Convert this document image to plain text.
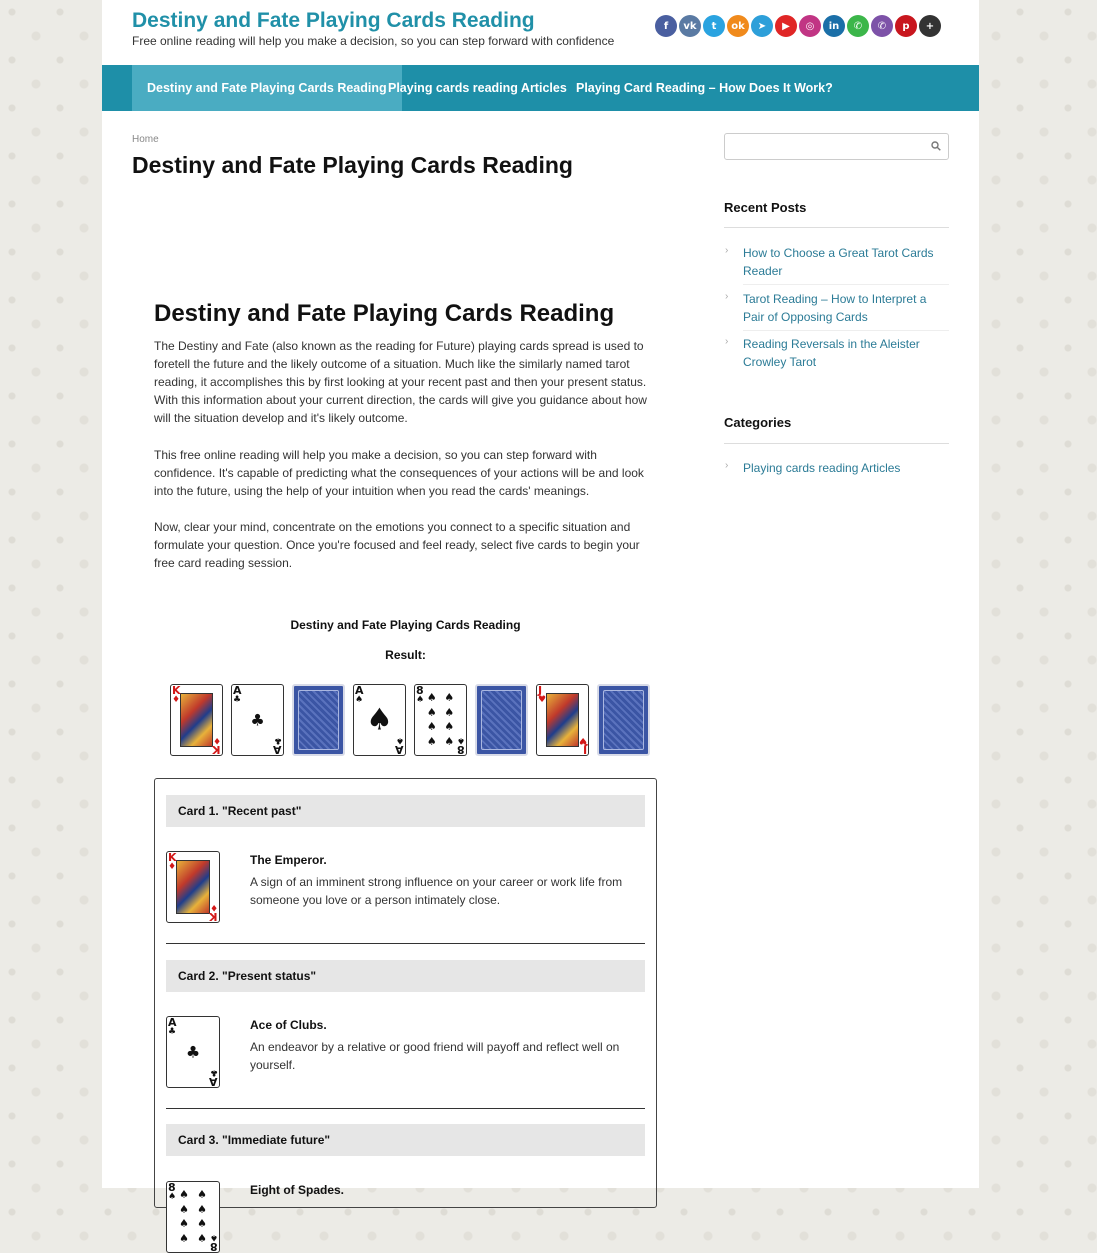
Destiny and Fate Playing Cards Reading
Free online reading will help you make a decision, so you can step forward with confidence
f	vk	t	ok	➤	▶	◎	in	✆	✆	p	+
Destiny and Fate Playing Cards Reading Playing cards reading Articles Playing Card Reading – How Does It Work?
Home
Destiny and Fate Playing Cards Reading
Destiny and Fate Playing Cards Reading

The Destiny and Fate (also known as the reading for Future) playing cards spread is used to foretell the future and the likely outcome of a situation. Much like the similarly named tarot reading, it accomplishes this by first looking at your recent past and then your present status. With this information about your current direction, the cards will give you guidance about how will the situation develop and it's likely outcome.

This free online reading will help you make a decision, so you can step forward with confidence. It's capable of predicting what the consequences of your actions will be and look into the future, using the help of your intuition when you read the cards' meanings.

Now, clear your mind, concentrate on the emotions you connect to a specific situation and formulate your question. Once you're focused and feel ready, select five cards to begin your free card reading session.

Destiny and Fate Playing Cards Reading
Result:
K
♦
K
♦
♣
A
♣
A
♣
♠
A
♠
A
♠
♠ ♠
♠ ♠
♠ ♠
♠ ♠
8
♠
8
♠
J
♥
J
♥
Card 1. "Recent past"
K
♦
K
♦
The Emperor.
A sign of an imminent strong influence on your career or work life from someone you love or a person intimately close.
Card 2. "Present status"
♣
A
♣
A
♣
Ace of Clubs.
An endeavor by a relative or good friend will payoff and reflect well on yourself.
Card 3. "Immediate future"
♠ ♠
♠ ♠
♠ ♠
♠ ♠
8
♠
8
♠
Eight of Spades.
Recent Posts
› How to Choose a Great Tarot Cards Reader
› Tarot Reading – How to Interpret a Pair of Opposing Cards
› Reading Reversals in the Aleister Crowley Tarot
Categories
› Playing cards reading Articles
